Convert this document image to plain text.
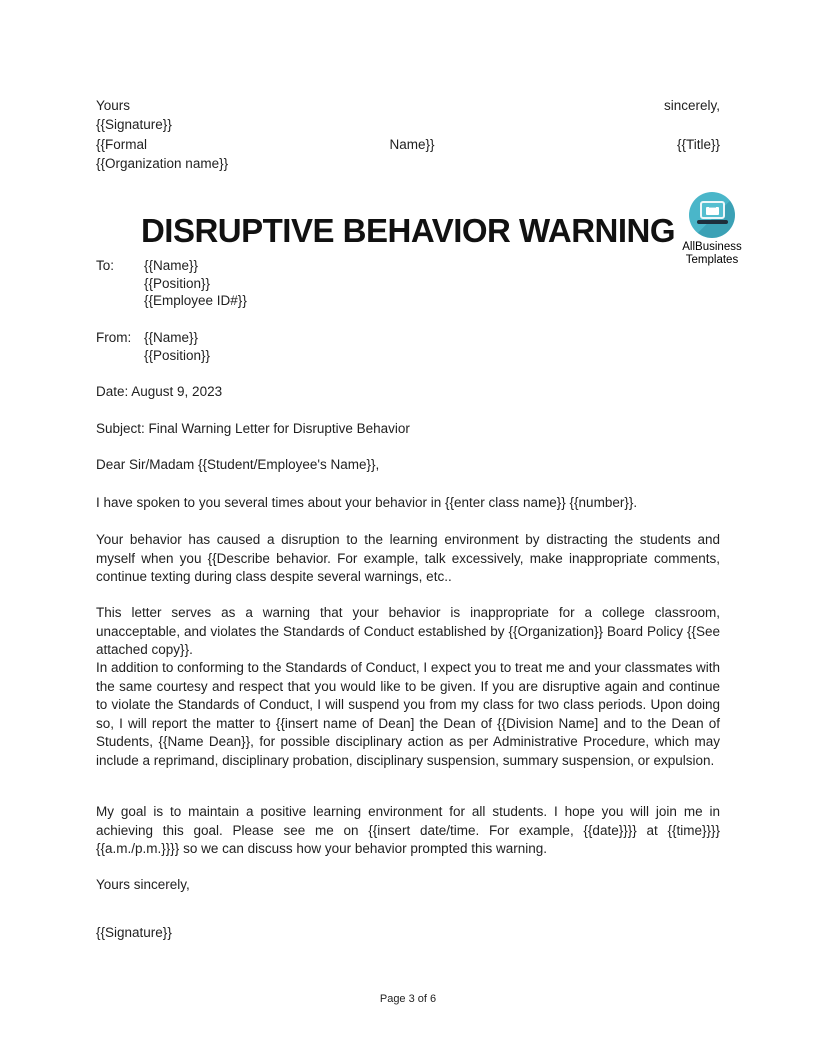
Yours	sincerely,
{{Signature}}
{{Formal	Name}}	{{Title}}
{{Organization name}}
DISRUPTIVE BEHAVIOR WARNING AllBusiness
Templates
To:	{{Name}}
{{Position}}
{{Employee ID#}}
From: {{Name}}
{{Position}}
Date: August 9, 2023
Subject: Final Warning Letter for Disruptive Behavior
Dear Sir/Madam {{Student/Employee's Name}},

I have spoken to you several times about your behavior in {{enter class name}} {{number}}.

Your behavior has caused a disruption to the learning environment by distracting the students and myself when you {{Describe behavior. For example, talk excessively, make inappropriate comments, continue texting during class despite several warnings, etc..

This letter serves as a warning that your behavior is inappropriate for a college classroom, unacceptable, and violates the Standards of Conduct established by {{Organization}} Board Policy {{See attached copy}}.

In addition to conforming to the Standards of Conduct, I expect you to treat me and your classmates with the same courtesy and respect that you would like to be given. If you are disruptive again and continue to violate the Standards of Conduct, I will suspend you from my class for two class periods. Upon doing so, I will report the matter to {{insert name of Dean] the Dean of {{Division Name] and to the Dean of Students, {{Name Dean}}, for possible disciplinary action as per Administrative Procedure, which may include a reprimand, disciplinary probation, disciplinary suspension, summary suspension, or expulsion.

My goal is to maintain a positive learning environment for all students. I hope you will join me in achieving this goal. Please see me on {{insert date/time. For example, {{date}}}} at {{time}}}} {{a.m./p.m.}}}} so we can discuss how your behavior prompted this warning.

Yours sincerely,
{{Signature}}
Page 3 of 6
